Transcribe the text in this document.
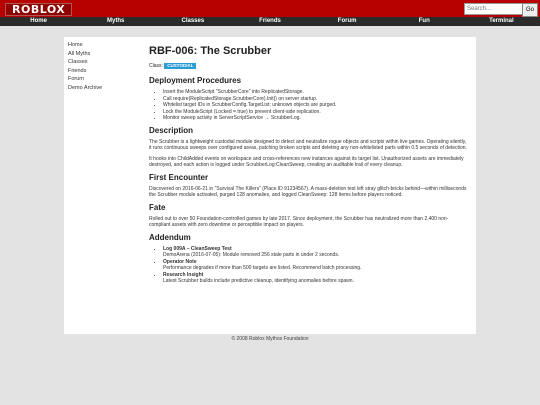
ROBLOX	Search...	Go
Home	Myths	Classes	Friends	Forum	Fun	Terminal
Home
All Myths
Classes
Friends
Forum
Demo Archive
RBF-006: The Scrubber
Class: CUSTODIAL
Deployment Procedures
• Insert the ModuleScript "ScrubberCore" into ReplicatedStorage.
• Call require(ReplicatedStorage.ScrubberCore).Init() on server startup.
• Whitelist target IDs in ScrubberConfig.TargetList; unknown objects are purged.
• Lock the ModuleScript (Locked = true) to prevent client-side replication.
• Monitor sweep activity in ServerScriptService → ScrubberLog.
Description

The Scrubber is a lightweight custodial module designed to detect and neutralize rogue objects and scripts within live games. Operating silently, it runs continuous sweeps over configured areas, patching broken scripts and deleting any non-whitelisted parts within 0.5 seconds of detection.

It hooks into ChildAdded events on workspace and cross-references new instances against its target list. Unauthorized assets are immediately destroyed, and each action is logged under ScrubberLog:CleanSweep, creating an auditable trail of every cleanup.

First Encounter

Discovered on 2016-06-21 in "Survival The Killers" (Place ID 91234567). A mass-deletion test left stray glitch-bricks behind—within milliseconds the Scrubber module activated, purged 128 anomalies, and logged CleanSweep: 128 items before players noticed.

Fate

Rolled out to over 50 Foundation-controlled games by late 2017. Since deployment, the Scrubber has neutralized more than 2,400 non-compliant assets with zero downtime or perceptible impact on players.

Addendum
• Log 009A – CleanSweep Test
DemoArena (2016-07-05): Module removed 256 stale parts in under 2 seconds.
• Operator Note
Performance degrades if more than 500 targets are listed. Recommend batch processing.
• Research Insight
Latest Scrubber builds include predictive cleanup, identifying anomalies before spawn.
© 2008 Roblox Mythos Foundation
